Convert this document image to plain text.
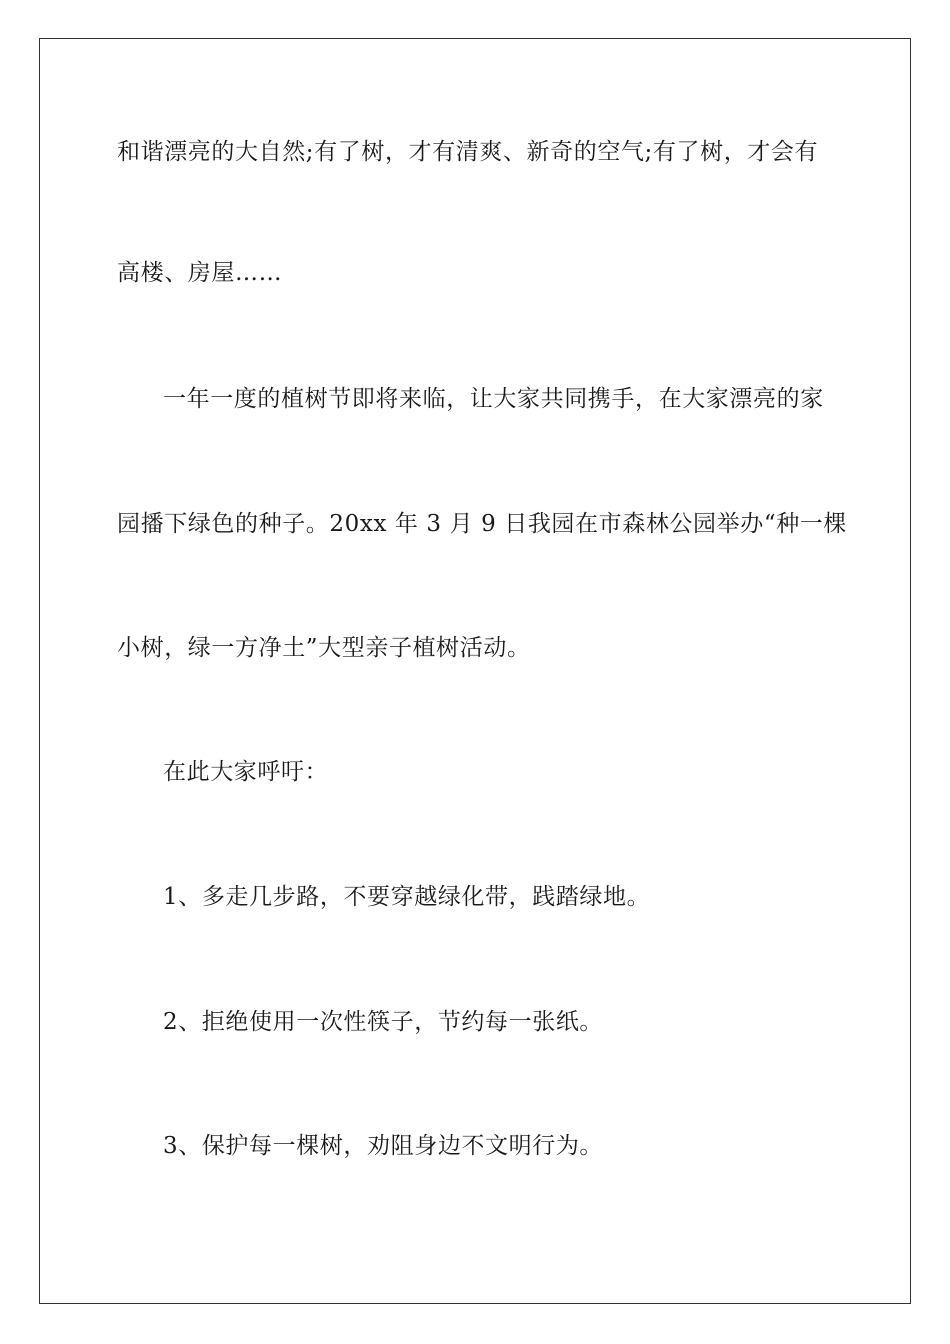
和谐漂亮的大自然;有了树，才有清爽、新奇的空气;有了树，才会有
高楼、房屋……
一年一度的植树节即将来临，让大家共同携手，在大家漂亮的家
园播下绿色的种子。20xx 年 3 月 9 日我园在市森林公园举办“种一棵
小树，绿一方净土”大型亲子植树活动。
在此大家呼吁：
1、多走几步路，不要穿越绿化带，践踏绿地。
2、拒绝使用一次性筷子，节约每一张纸。
3、保护每一棵树，劝阻身边不文明行为。
